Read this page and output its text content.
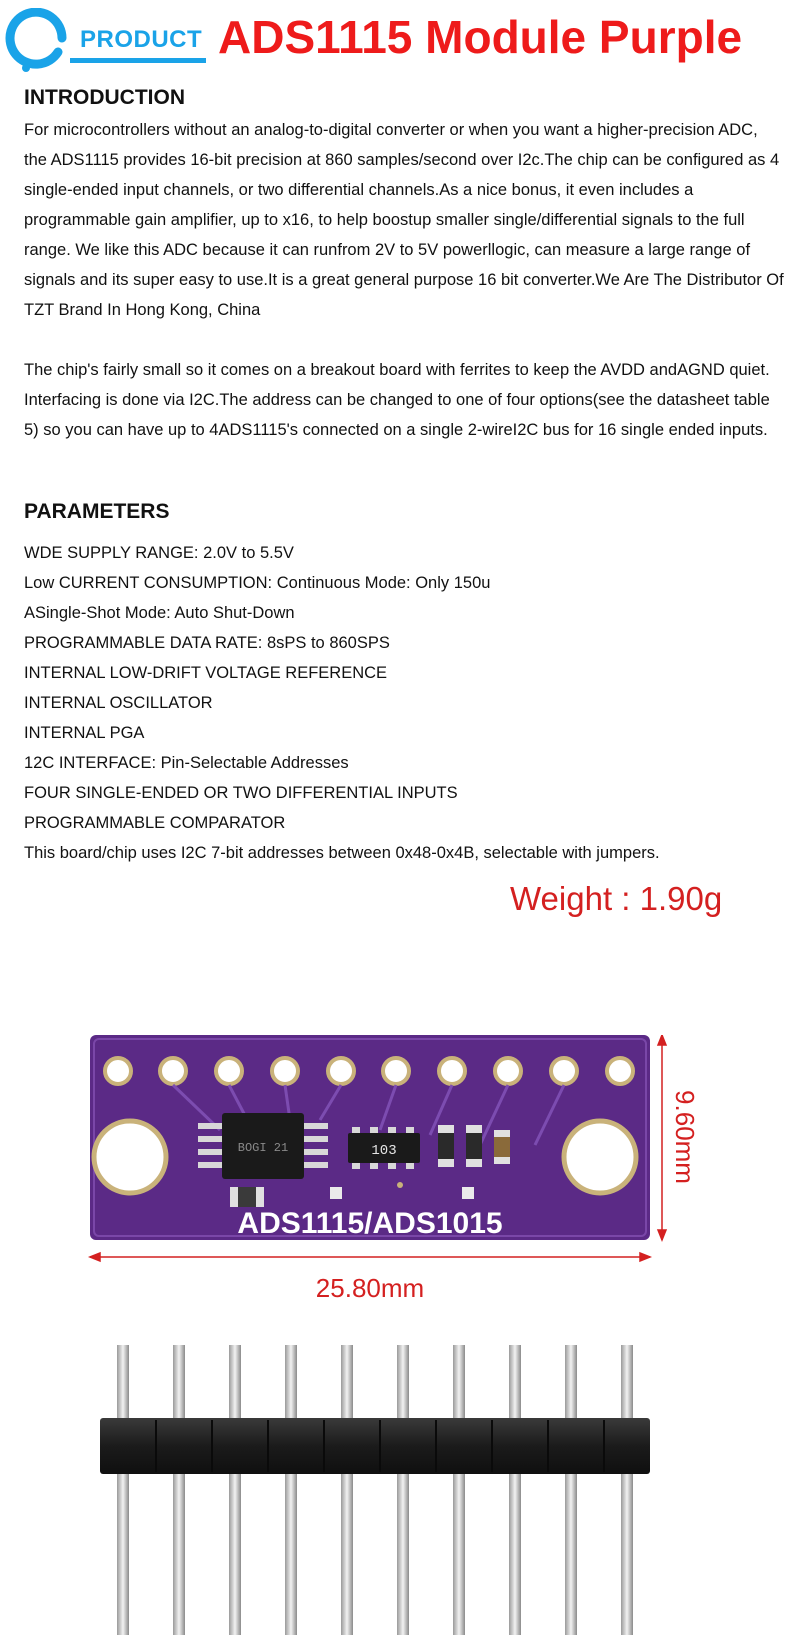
PRODUCT ADS1115 Module Purple
INTRODUCTION
For microcontrollers without an analog-to-digital converter or when you want a higher-precision ADC, the ADS1115 provides 16-bit precision at 860 samples/second over I2c.The chip can be configured as 4 single-ended input channels, or two differential channels.As a nice bonus, it even includes a programmable gain amplifier, up to x16, to help boostup smaller single/differential signals to the full range. We like this ADC because it can runfrom 2V to 5V powerllogic, can measure a large range of signals and its super easy to use.It is a great general purpose 16 bit converter.We Are The Distributor Of TZT Brand In Hong Kong, China
The chip's fairly small so it comes on a breakout board with ferrites to keep the AVDD andAGND quiet. Interfacing is done via I2C.The address can be changed to one of four options(see the datasheet table 5) so you can have up to 4ADS1115's connected on a single 2-wireI2C bus for 16 single ended inputs.
PARAMETERS
WDE SUPPLY RANGE: 2.0V to 5.5V
Low CURRENT CONSUMPTION: Continuous Mode: Only 150u
ASingle-Shot Mode: Auto Shut-Down
PROGRAMMABLE DATA RATE: 8sPS to 860SPS
INTERNAL LOW-DRIFT VOLTAGE REFERENCE
INTERNAL OSCILLATOR
INTERNAL PGA
12C INTERFACE: Pin-Selectable Addresses
FOUR SINGLE-ENDED OR TWO DIFFERENTIAL INPUTS
PROGRAMMABLE COMPARATOR
This board/chip uses I2C 7-bit addresses between 0x48-0x4B, selectable with jumpers.
Weight : 1.90g
BOGI 21	103
ADS1115/ADS1015
25.80mm
9.60mm
